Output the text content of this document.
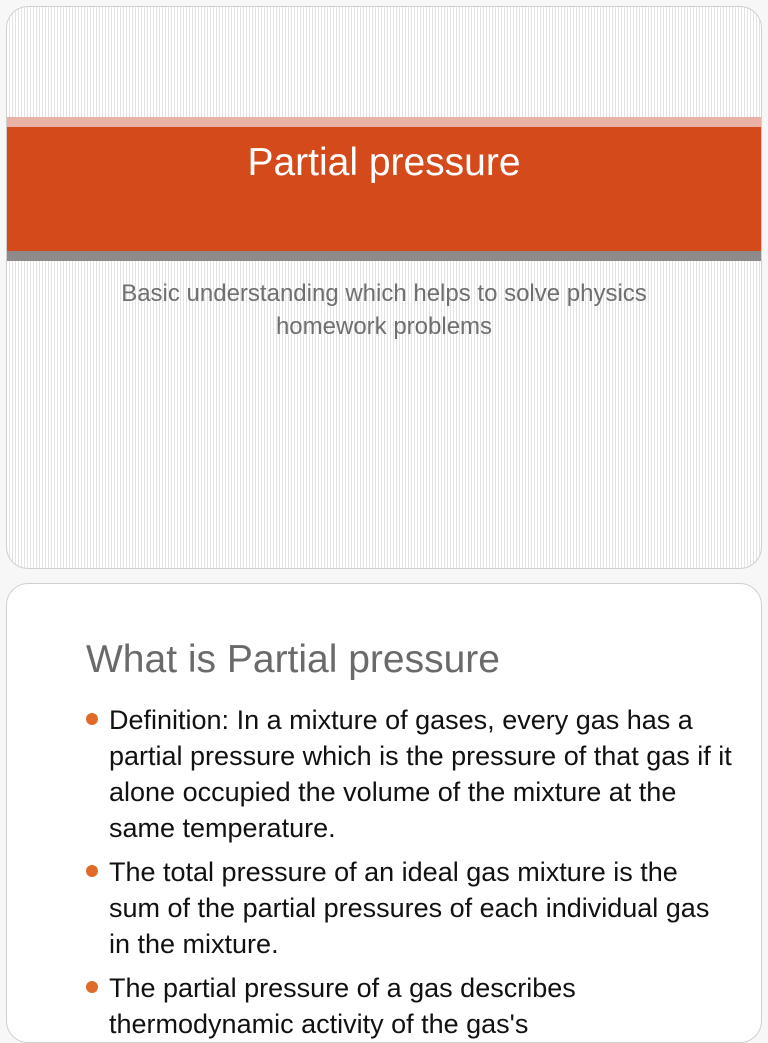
Partial pressure

Basic understanding which helps to solve physics homework problems

What is Partial pressure
Definition: In a mixture of gases, every gas has a partial pressure which is the pressure of that gas if it alone occupied the volume of the mixture at the same temperature.
The total pressure of an ideal gas mixture is the sum of the partial pressures of each individual gas in the mixture.
The partial pressure of a gas describes thermodynamic activity of the gas's
